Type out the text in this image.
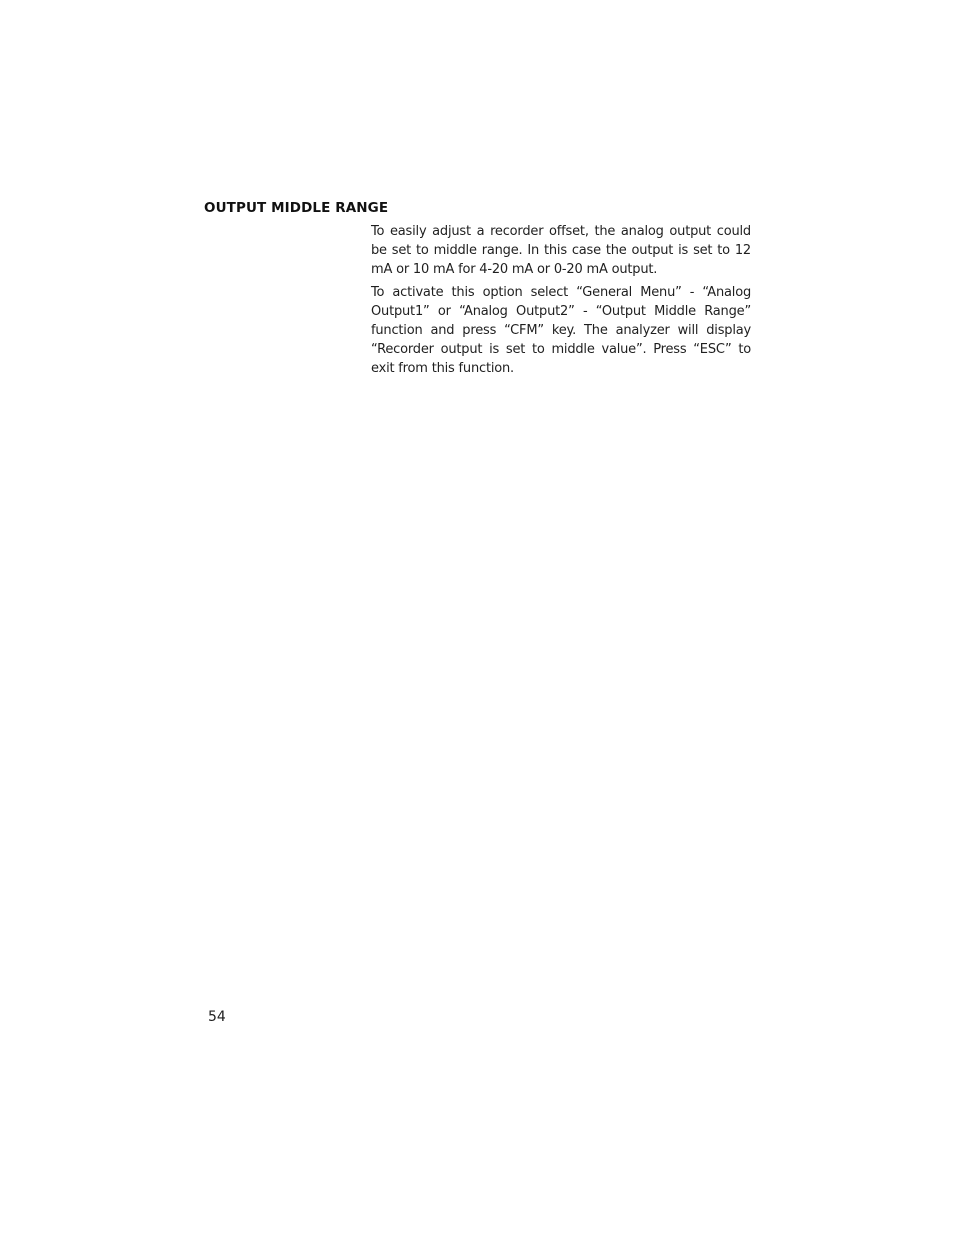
OUTPUT MIDDLE RANGE

To easily adjust a recorder offset, the analog output could be set to middle range. In this case the output is set to 12 mA or 10 mA for 4-20 mA or 0-20 mA output.

To activate this option select “General Menu” - “Analog Output1” or “Analog Output2” - “Output Middle Range” function and press “CFM” key. The analyzer will display “Recorder output is set to middle value”. Press “ESC” to exit from this function.

54
